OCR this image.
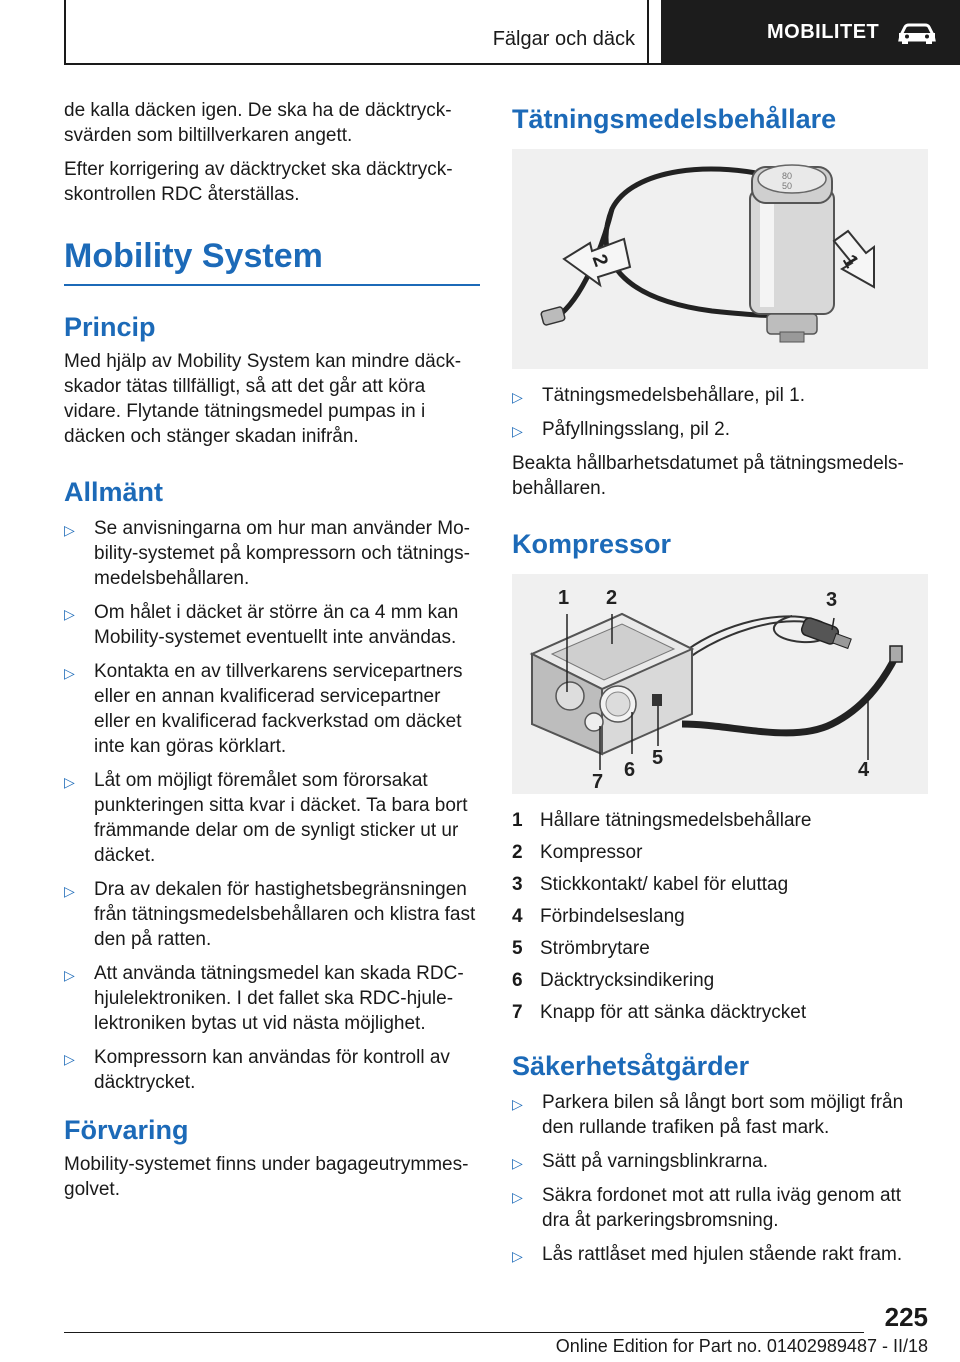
Fälgar och däck	MOBILITET

de kalla däcken igen. De ska ha de däcktrycksvärden som biltillverkaren angett.

Efter korrigering av däcktrycket ska däcktryckskontrollen RDC återställas.

Mobility System
Princip

Med hjälp av Mobility System kan mindre däckskador tätas tillfälligt, så att det går att köra vidare. Flytande tätningsmedel pumpas in i däcken och stänger skadan inifrån.

Allmänt
▷ Se anvisningarna om hur man använder Mobility-systemet på kompressorn och tätningsmedelsbehållaren.
▷ Om hålet i däcket är större än ca 4 mm kan Mobility-systemet eventuellt inte användas.
▷ Kontakta en av tillverkarens servicepartners eller en annan kvalificerad servicepartner eller en kvalificerad fackverkstad om däcket inte kan göras körklart.
▷ Låt om möjligt föremålet som förorsakat punkteringen sitta kvar i däcket. Ta bara bort främmande delar om de synligt sticker ut ur däcket.
▷ Dra av dekalen för hastighetsbegränsningen från tätningsmedelsbehållaren och klistra fast den på ratten.
▷ Att använda tätningsmedel kan skada RDC-hjulelektroniken. I det fallet ska RDC-hjulelektroniken bytas ut vid nästa möjlighet.
▷ Kompressorn kan användas för kontroll av däcktrycket.
Förvaring

Mobility-systemet finns under bagageutrymmesgolvet.

Tätningsmedelsbehållare
80
50
2	1
▷ Tätningsmedelsbehållare, pil 1.
▷ Påfyllningsslang, pil 2.

Beakta hållbarhetsdatumet på tätningsmedelsbehållaren.

Kompressor
1 2	3
4
5
6
7
1 Hållare tätningsmedelsbehållare
2 Kompressor
3 Stickkontakt/ kabel för eluttag
4 Förbindelseslang
5 Strömbrytare
6 Däcktrycksindikering
7 Knapp för att sänka däcktrycket
Säkerhetsåtgärder
▷ Parkera bilen så långt bort som möjligt från den rullande trafiken på fast mark.
▷ Sätt på varningsblinkrarna.
▷ Säkra fordonet mot att rulla iväg genom att dra åt parkeringsbromsning.
▷ Lås rattlåset med hjulen stående rakt fram.
225
Online Edition for Part no. 01402989487 - II/18
